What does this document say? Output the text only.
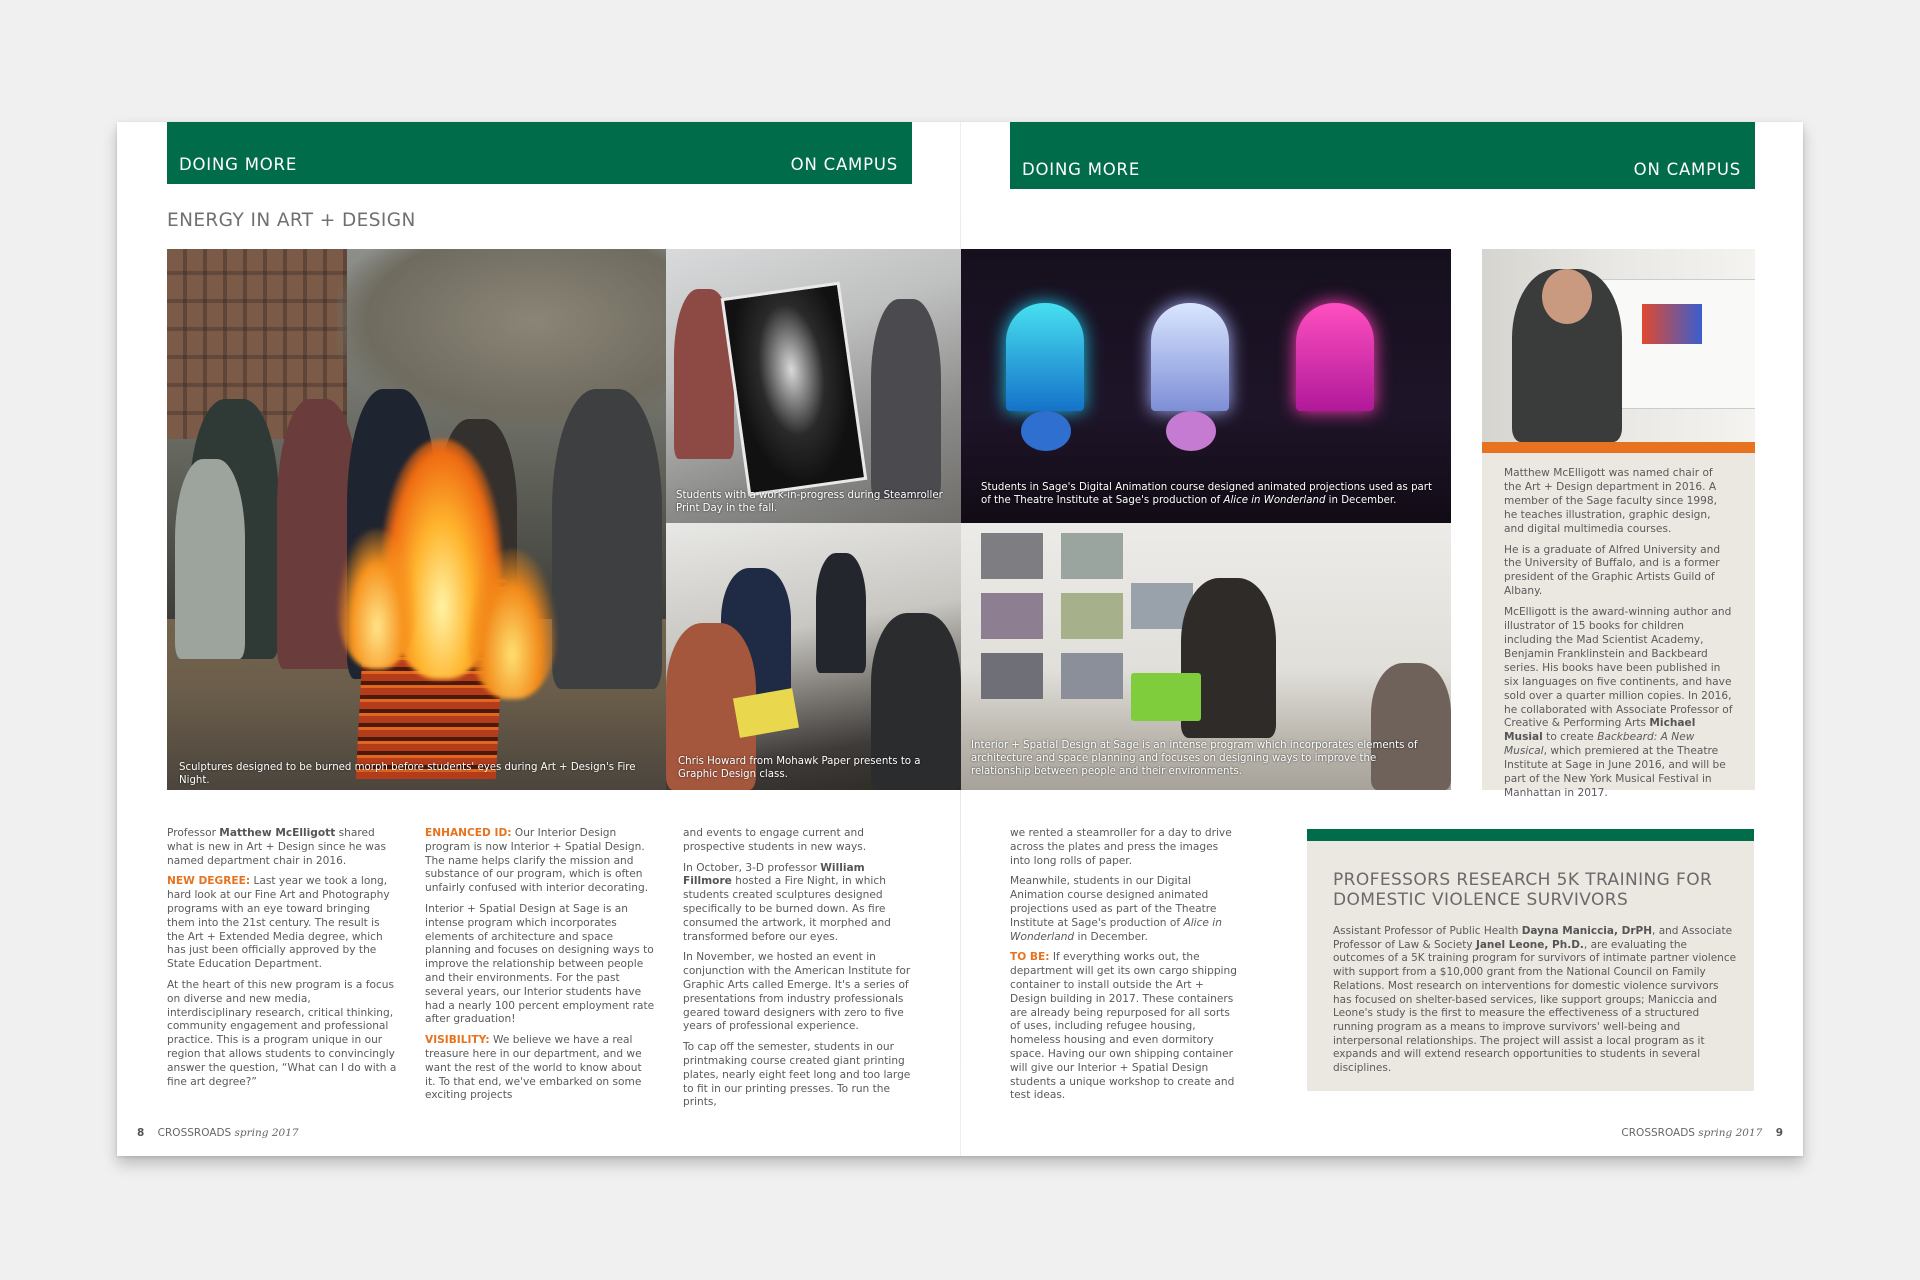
DOING MORE	ON CAMPUS	DOING MORE	ON CAMPUS
ENERGY IN ART + DESIGN
Sculptures designed to be burned morph before students' eyes during Art + Design's Fire Night.
Students with a work-in-progress during Steamroller Print Day in the fall.
Students in Sage's Digital Animation course designed animated projections used as part of the Theatre Institute at Sage's production of Alice in Wonderland in December.
Chris Howard from Mohawk Paper presents to a Graphic Design class.
Interior + Spatial Design at Sage is an intense program which incorporates elements of architecture and space planning and focuses on designing ways to improve the relationship between people and their environments.

Matthew McElligott was named chair of the Art + Design department in 2016. A member of the Sage faculty since 1998, he teaches illustration, graphic design, and digital multimedia courses.

He is a graduate of Alfred University and the University of Buffalo, and is a former president of the Graphic Artists Guild of Albany.

McElligott is the award-winning author and illustrator of 15 books for children including the Mad Scientist Academy, Benjamin Franklinstein and Backbeard series. His books have been published in six languages on five continents, and have sold over a quarter million copies. In 2016, he collaborated with Associate Professor of Creative & Performing Arts Michael Musial to create Backbeard: A New Musical, which premiered at the Theatre Institute at Sage in June 2016, and will be part of the New York Musical Festival in Manhattan in 2017.

Professor Matthew McElligott shared what is new in Art + Design since he was named department chair in 2016.

NEW DEGREE: Last year we took a long, hard look at our Fine Art and Photography programs with an eye toward bringing them into the 21st century. The result is the Art + Extended Media degree, which has just been officially approved by the State Education Department.

At the heart of this new program is a focus on diverse and new media, interdisciplinary research, critical thinking, community engagement and professional practice. This is a program unique in our region that allows students to convincingly answer the question, “What can I do with a fine art degree?”

ENHANCED ID: Our Interior Design program is now Interior + Spatial Design. The name helps clarify the mission and substance of our program, which is often unfairly confused with interior decorating.

Interior + Spatial Design at Sage is an intense program which incorporates elements of architecture and space planning and focuses on designing ways to improve the relationship between people and their environments. For the past several years, our Interior students have had a nearly 100 percent employment rate after graduation!

VISIBILITY: We believe we have a real treasure here in our department, and we want the rest of the world to know about it. To that end, we've embarked on some exciting projects

and events to engage current and prospective students in new ways.

In October, 3-D professor William Fillmore hosted a Fire Night, in which students created sculptures designed specifically to be burned down. As fire consumed the artwork, it morphed and transformed before our eyes.

In November, we hosted an event in conjunction with the American Institute for Graphic Arts called Emerge. It's a series of presentations from industry professionals geared toward designers with zero to five years of professional experience.

To cap off the semester, students in our printmaking course created giant printing plates, nearly eight feet long and too large to fit in our printing presses. To run the prints,

we rented a steamroller for a day to drive across the plates and press the images into long rolls of paper.

Meanwhile, students in our Digital Animation course designed animated projections used as part of the Theatre Institute at Sage's production of Alice in Wonderland in December.

TO BE: If everything works out, the department will get its own cargo shipping container to install outside the Art + Design building in 2017. These containers are already being repurposed for all sorts of uses, including refugee housing, homeless housing and even dormitory space. Having our own shipping container will give our Interior + Spatial Design students a unique workshop to create and test ideas.

PROFESSORS RESEARCH 5K TRAINING FOR DOMESTIC VIOLENCE SURVIVORS

Assistant Professor of Public Health Dayna Maniccia, DrPH, and Associate Professor of Law & Society Janel Leone, Ph.D., are evaluating the outcomes of a 5K training program for survivors of intimate partner violence with support from a $10,000 grant from the National Council on Family Relations. Most research on interventions for domestic violence survivors has focused on shelter-based services, like support groups; Maniccia and Leone's study is the first to measure the effectiveness of a structured running program as a means to improve survivors' well-being and interpersonal relationships. The project will assist a local program as it expands and will extend research opportunities to students in several disciplines.

8 CROSSROADS spring 2017	CROSSROADS spring 2017 9
